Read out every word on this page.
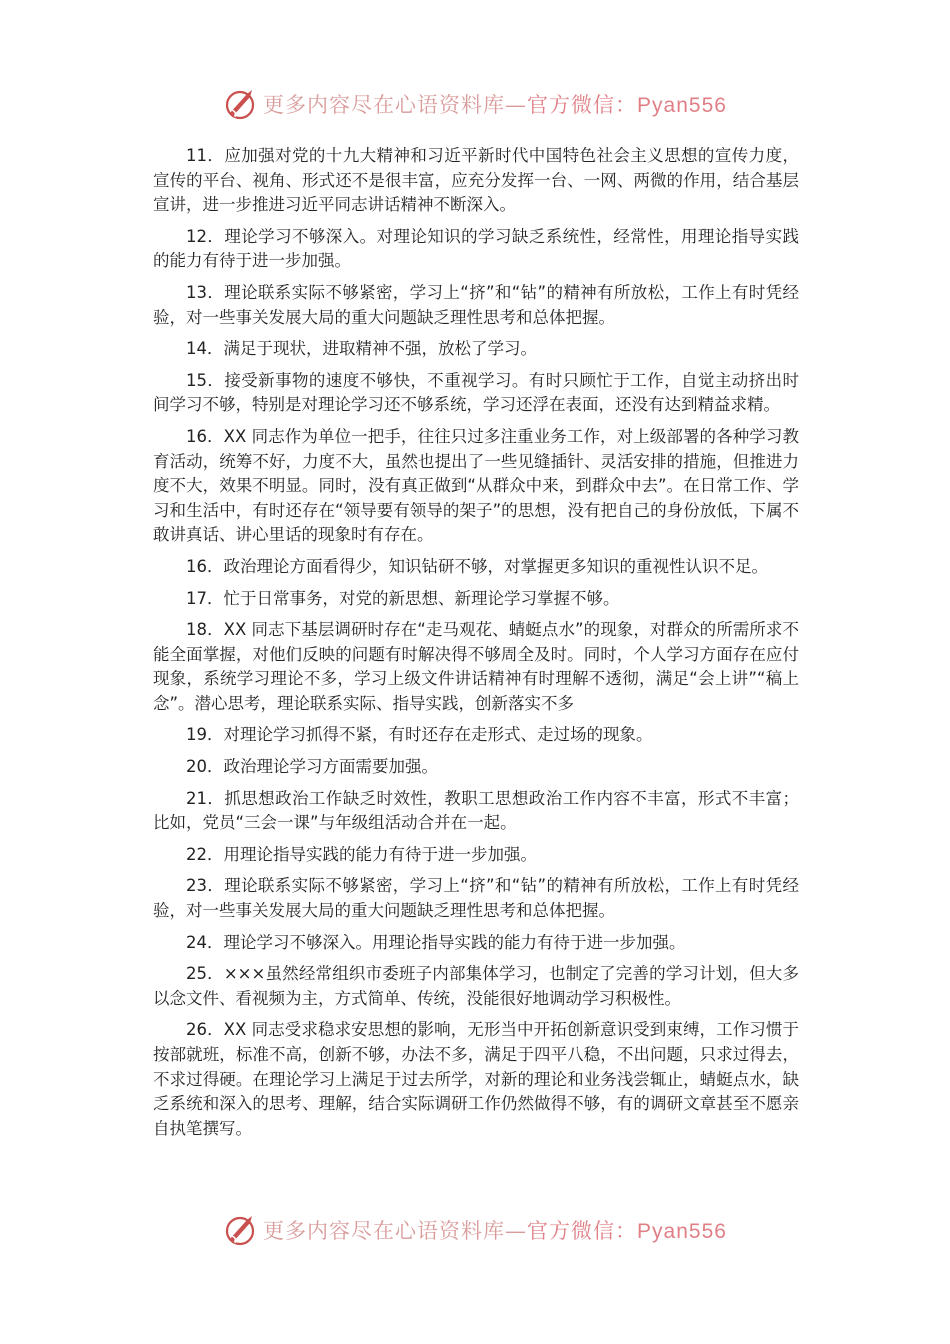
更多内容尽在心语资料库—官方微信：Pyan556

11．应加强对党的十九大精神和习近平新时代中国特色社会主义思想的宣传力度，宣传的平台、视角、形式还不是很丰富，应充分发挥一台、一网、两微的作用，结合基层宣讲，进一步推进习近平同志讲话精神不断深入。

12．理论学习不够深入。对理论知识的学习缺乏系统性，经常性，用理论指导实践的能力有待于进一步加强。

13．理论联系实际不够紧密，学习上“挤”和“钻”的精神有所放松，工作上有时凭经验，对一些事关发展大局的重大问题缺乏理性思考和总体把握。

14．满足于现状，进取精神不强，放松了学习。

15．接受新事物的速度不够快，不重视学习。有时只顾忙于工作，自觉主动挤出时间学习不够，特别是对理论学习还不够系统，学习还浮在表面，还没有达到精益求精。

16．XX 同志作为单位一把手，往往只过多注重业务工作，对上级部署的各种学习教育活动，统筹不好，力度不大，虽然也提出了一些见缝插针、灵活安排的措施，但推进力度不大，效果不明显。同时，没有真正做到“从群众中来，到群众中去”。在日常工作、学习和生活中，有时还存在“领导要有领导的架子”的思想，没有把自己的身份放低，下属不敢讲真话、讲心里话的现象时有存在。

16．政治理论方面看得少，知识钻研不够，对掌握更多知识的重视性认识不足。

17．忙于日常事务，对党的新思想、新理论学习掌握不够。

18．XX 同志下基层调研时存在“走马观花、蜻蜓点水”的现象，对群众的所需所求不能全面掌握，对他们反映的问题有时解决得不够周全及时。同时，个人学习方面存在应付现象，系统学习理论不多，学习上级文件讲话精神有时理解不透彻，满足“会上讲”“稿上念”。潜心思考，理论联系实际、指导实践，创新落实不多

19．对理论学习抓得不紧，有时还存在走形式、走过场的现象。

20．政治理论学习方面需要加强。

21．抓思想政治工作缺乏时效性，教职工思想政治工作内容不丰富，形式不丰富；比如，党员“三会一课”与年级组活动合并在一起。

22．用理论指导实践的能力有待于进一步加强。

23．理论联系实际不够紧密，学习上“挤”和“钻”的精神有所放松，工作上有时凭经验，对一些事关发展大局的重大问题缺乏理性思考和总体把握。

24．理论学习不够深入。用理论指导实践的能力有待于进一步加强。

25．×××虽然经常组织市委班子内部集体学习，也制定了完善的学习计划，但大多以念文件、看视频为主，方式简单、传统，没能很好地调动学习积极性。

26．XX 同志受求稳求安思想的影响，无形当中开拓创新意识受到束缚，工作习惯于按部就班，标准不高，创新不够，办法不多，满足于四平八稳，不出问题，只求过得去，不求过得硬。在理论学习上满足于过去所学，对新的理论和业务浅尝辄止，蜻蜓点水，缺乏系统和深入的思考、理解，结合实际调研工作仍然做得不够，有的调研文章甚至不愿亲自执笔撰写。

更多内容尽在心语资料库—官方微信：Pyan556
